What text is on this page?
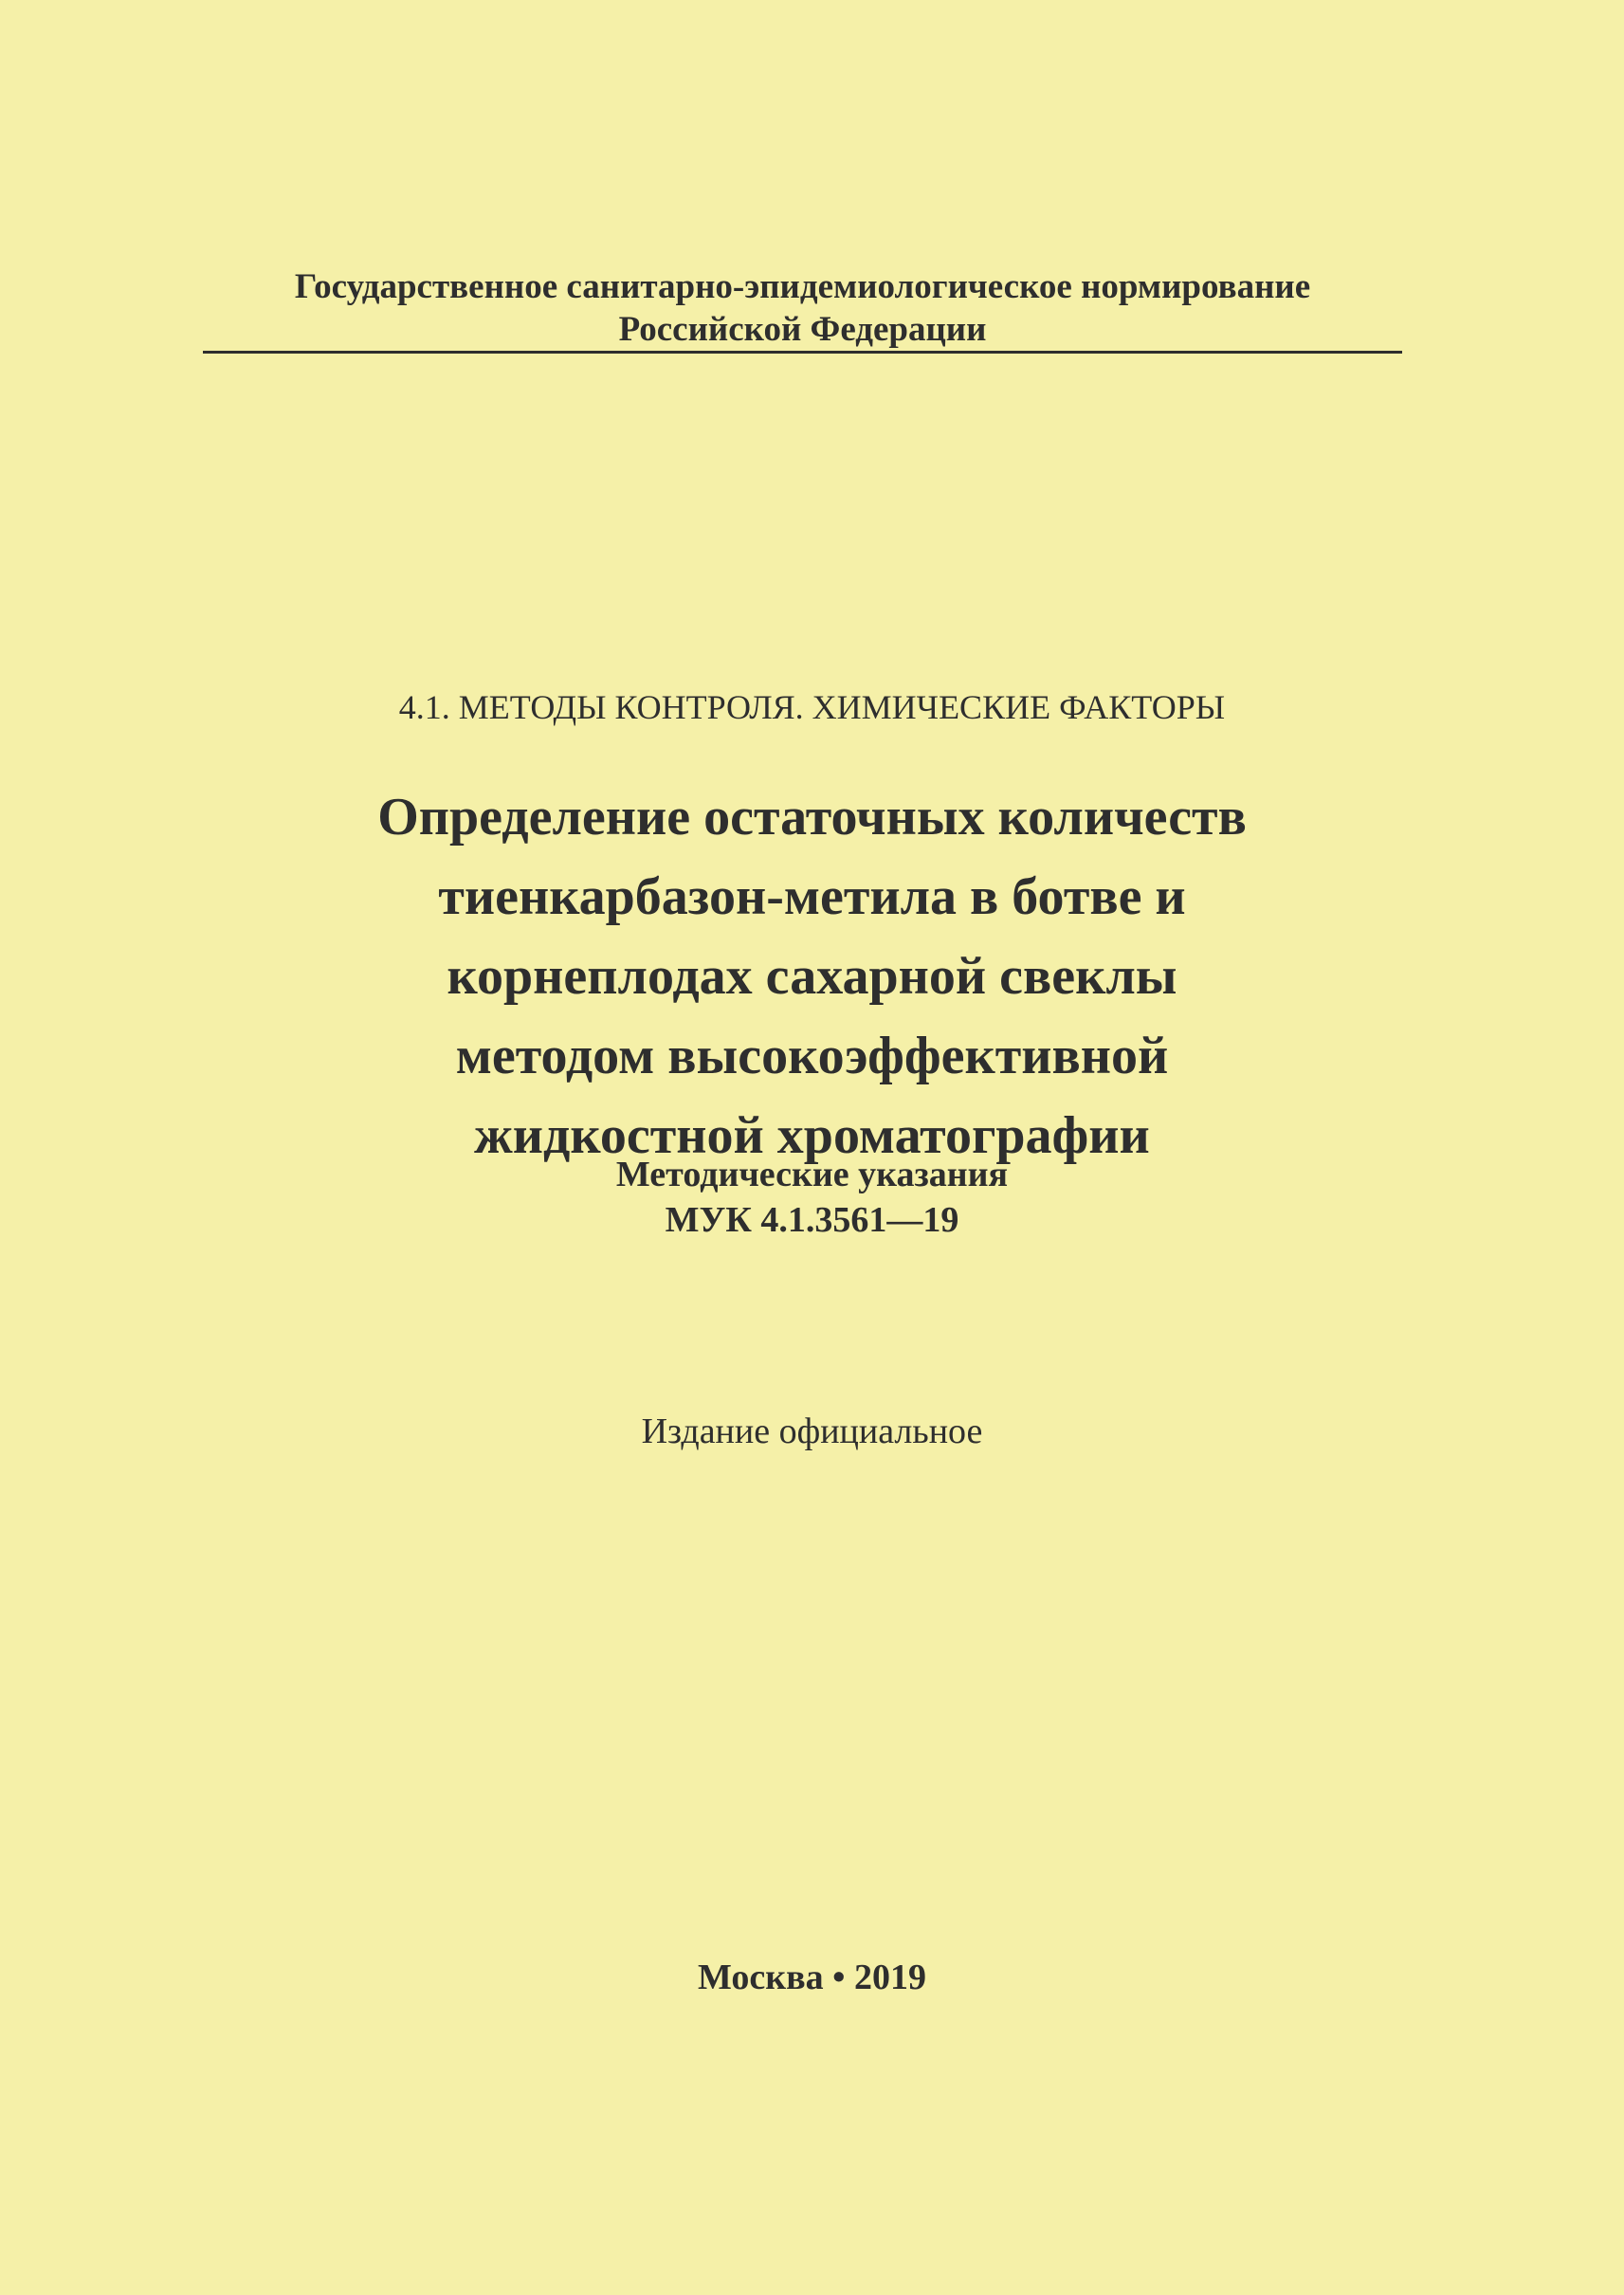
Государственное санитарно-эпидемиологическое нормирование
Российской Федерации
4.1. МЕТОДЫ КОНТРОЛЯ. ХИМИЧЕСКИЕ ФАКТОРЫ
Определение остаточных количеств
тиенкарбазон-метила в ботве и
корнеплодах сахарной свеклы
методом высокоэффективной
жидкостной хроматографии
Методические указания
МУК 4.1.3561—19
Издание официальное
Москва • 2019
